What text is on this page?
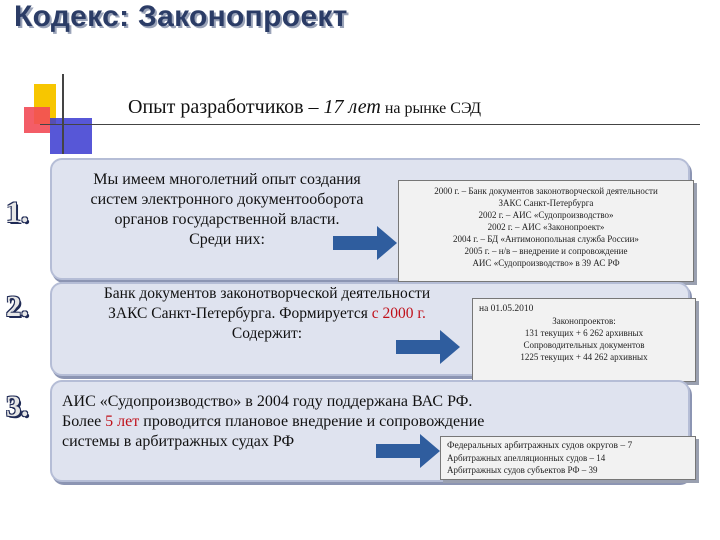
Кодекс: Законопроект
Опыт разработчиков – 17 лет на рынке СЭД
1.
Мы имеем многолетний опыт создания
систем электронного документооборота
органов государственной власти.
Среди них:
2000 г. – Банк документов законотворческой деятельности
ЗАКС Санкт-Петербурга
2002 г. – АИС «Судопроизводство»
2002 г. – АИС «Законопроект»
2004 г. – БД «Антимонопольная служба России»
2005 г. – н/в – внедрение и сопровождение
АИС «Судопроизводство» в 39 АС РФ
2.	Банк документов законотворческой деятельности
ЗАКС Санкт-Петербурга. Формируется с 2000 г.
Содержит:
на 01.05.2010
Законопроектов:
131 текущих + 6 262 архивных
Сопроводительных документов
1225 текущих + 44 262 архивных
3. АИС «Судопроизводство» в 2004 году поддержана ВАС РФ.
Более 5 лет проводится плановое внедрение и сопровождение
системы в арбитражных судах РФ	Федеральных арбитражных судов округов – 7
Арбитражных апелляционных судов – 14
Арбитражных судов субъектов РФ – 39
